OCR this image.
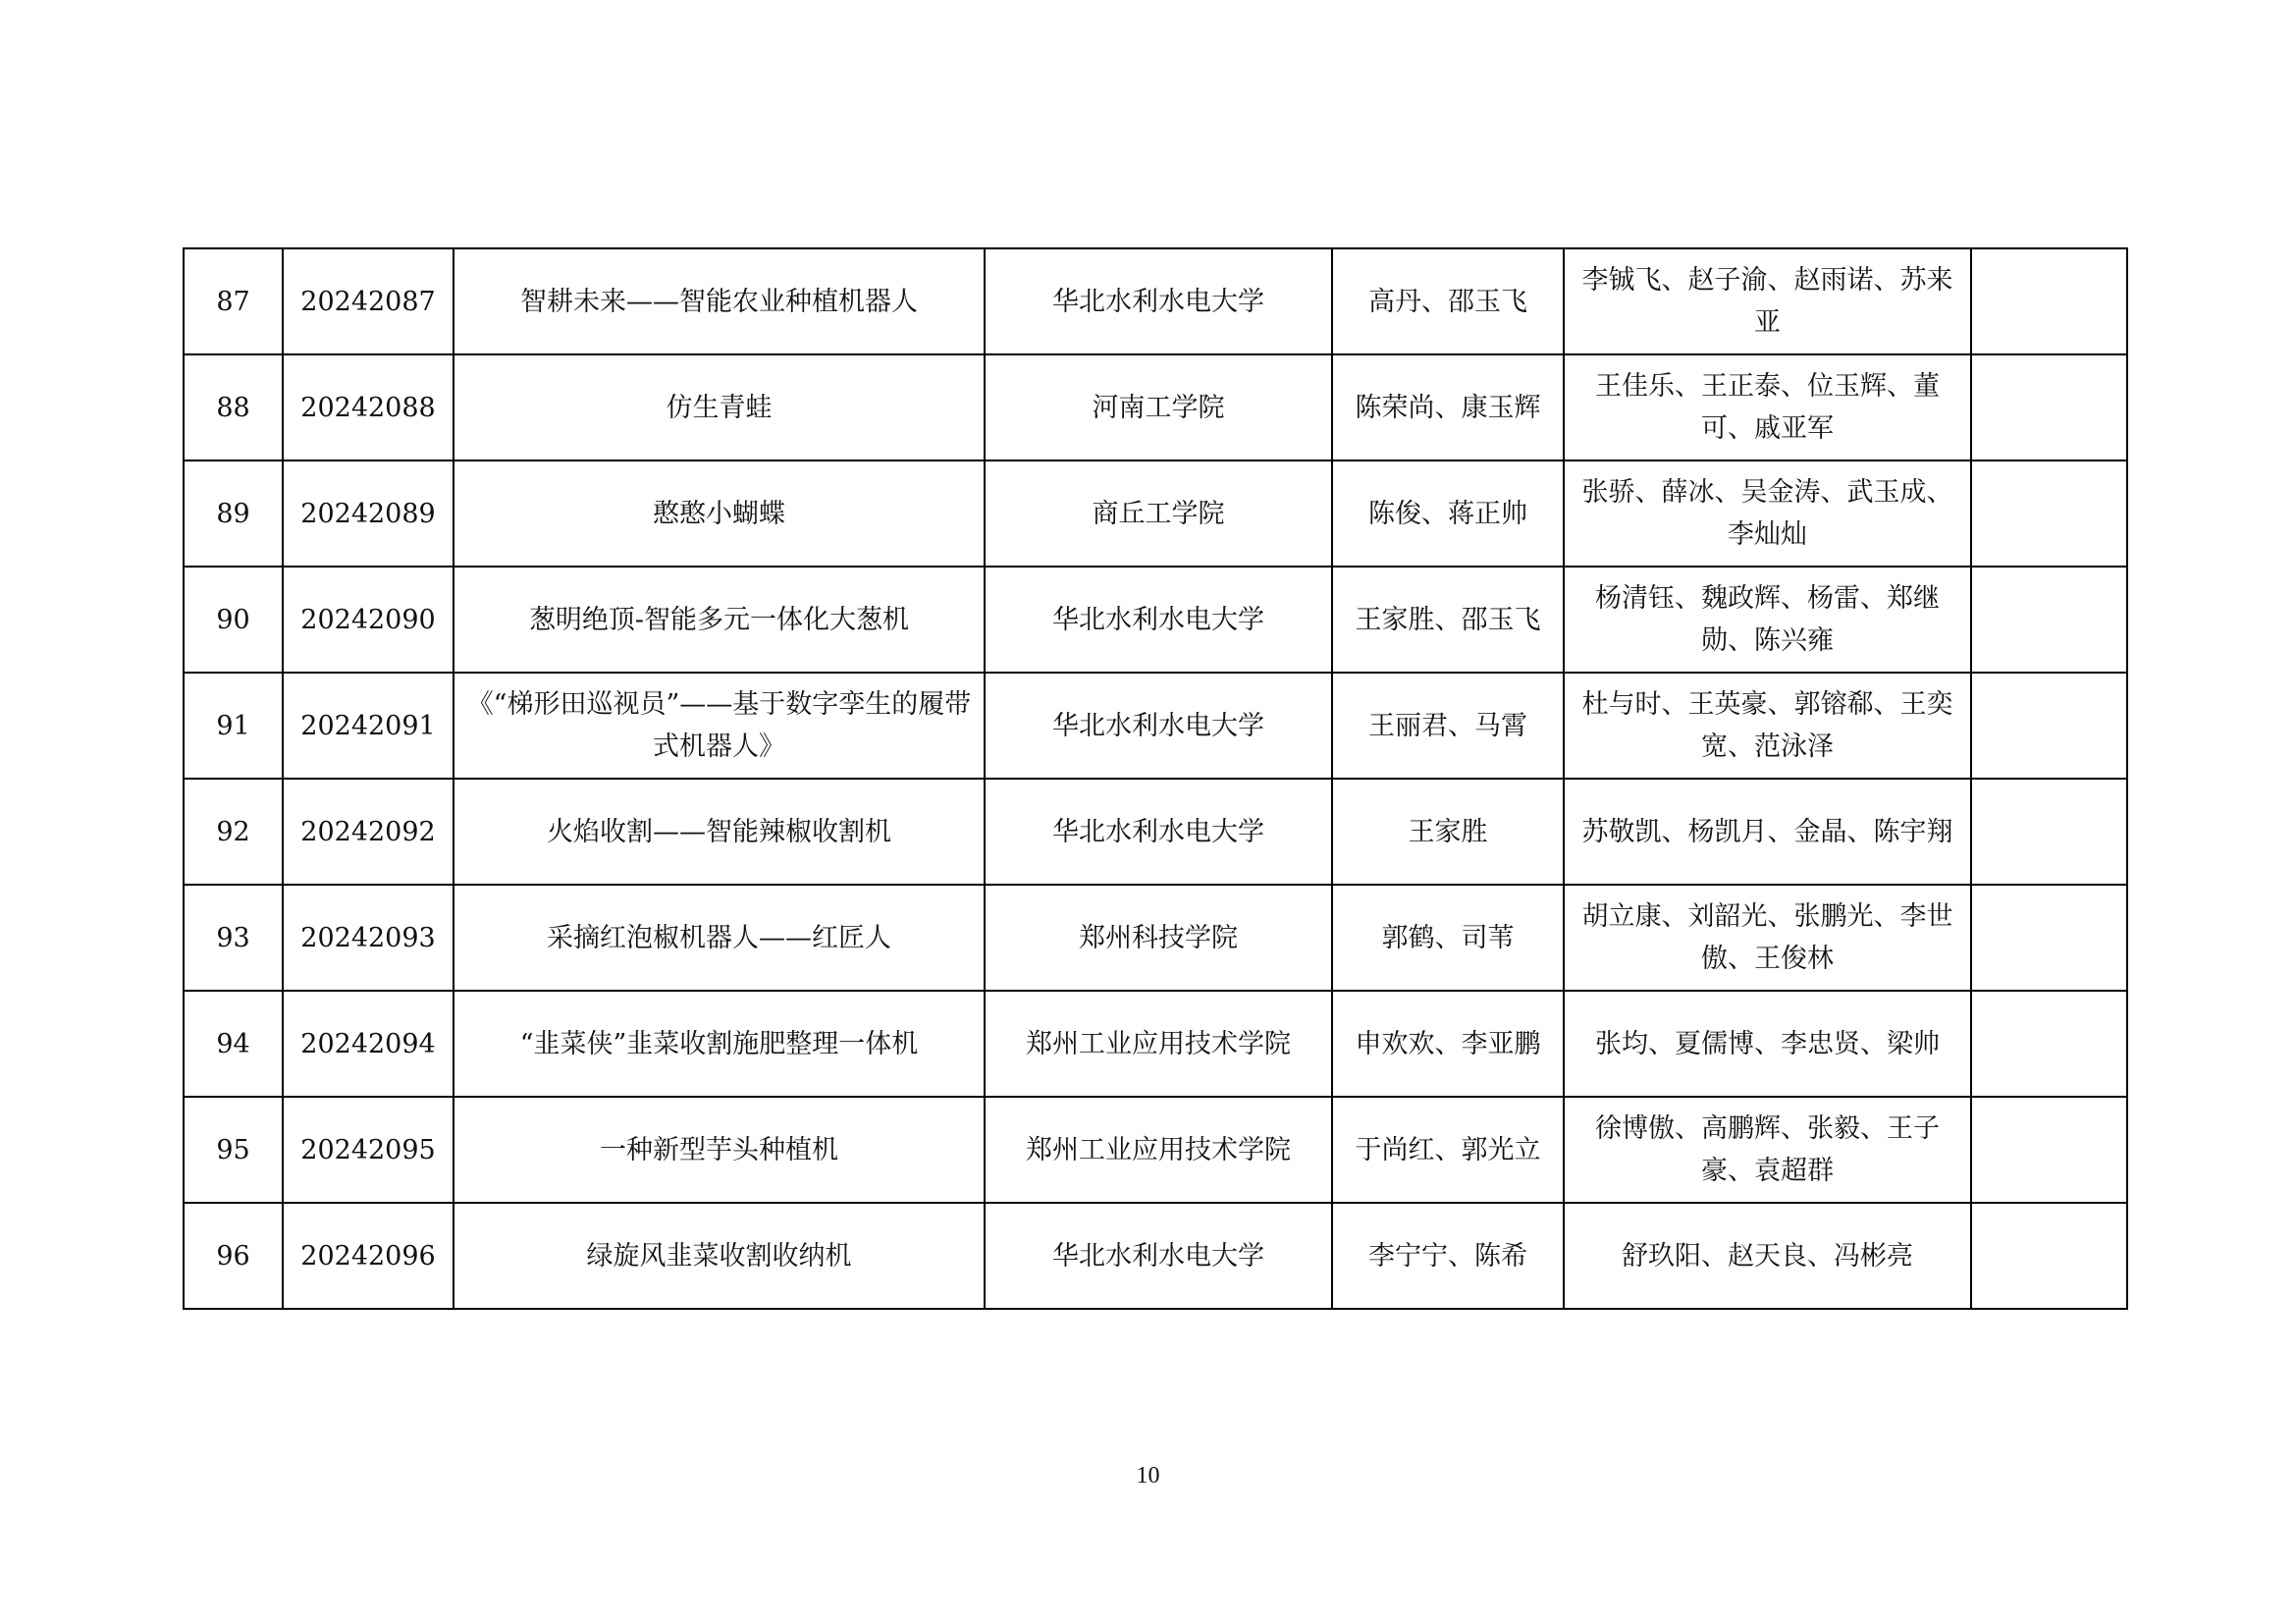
87	20242087	智耕未来——智能农业种植机器人	华北水利水电大学	高丹、邵玉飞	李铖飞、赵子渝、赵雨诺、苏来亚	
88	20242088	仿生青蛙	河南工学院	陈荣尚、康玉辉	王佳乐、王正泰、位玉辉、董可、戚亚军	
89	20242089	憨憨小蝴蝶	商丘工学院	陈俊、蒋正帅	张骄、薛冰、吴金涛、武玉成、李灿灿	
90	20242090	葱明绝顶-智能多元一体化大葱机	华北水利水电大学	王家胜、邵玉飞	杨清钰、魏政辉、杨雷、郑继勋、陈兴雍	
91	20242091	《“梯形田巡视员”——基于数字孪生的履带式机器人》	华北水利水电大学	王丽君、马霄	杜与时、王英豪、郭镕郗、王奕宽、范泳泽	
92	20242092	火焰收割——智能辣椒收割机	华北水利水电大学	王家胜	苏敬凯、杨凯月、金晶、陈宇翔	
93	20242093	采摘红泡椒机器人——红匠人	郑州科技学院	郭鹤、司苇	胡立康、刘韶光、张鹏光、李世傲、王俊林	
94	20242094	“韭菜侠”韭菜收割施肥整理一体机	郑州工业应用技术学院	申欢欢、李亚鹏	张均、夏儒博、李忠贤、梁帅	
95	20242095	一种新型芋头种植机	郑州工业应用技术学院	于尚红、郭光立	徐博傲、高鹏辉、张毅、王子豪、袁超群	
96	20242096	绿旋风韭菜收割收纳机	华北水利水电大学	李宁宁、陈希	舒玖阳、赵天良、冯彬亮	
10
